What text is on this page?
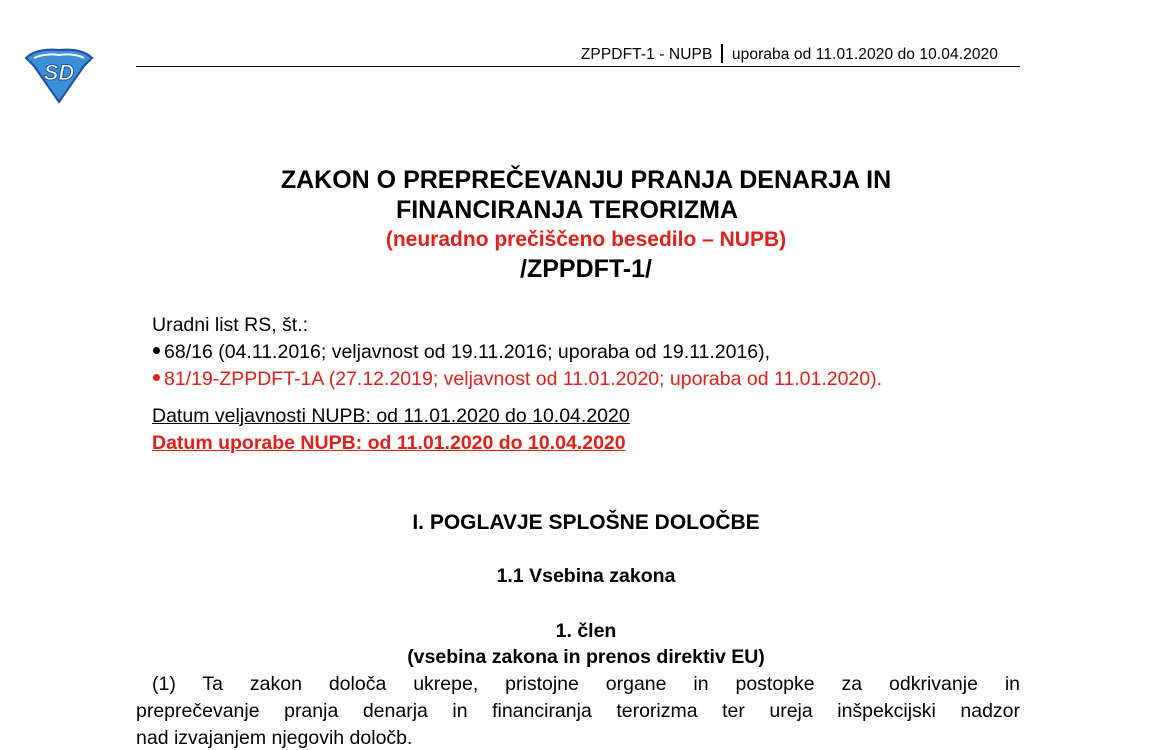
SD
ZPPDFT-1 - NUPB uporaba od 11.01.2020 do 10.04.2020
ZAKON O PREPREČEVANJU PRANJA DENARJA IN
FINANCIRANJA TERORIZMA
(neuradno prečiščeno besedilo – NUPB)
/ZPPDFT-1/
Uradni list RS, št.:
68/16 (04.11.2016; veljavnost od 19.11.2016; uporaba od 19.11.2016),
81/19-ZPPDFT-1A (27.12.2019; veljavnost od 11.01.2020; uporaba od 11.01.2020).
Datum veljavnosti NUPB: od 11.01.2020 do 10.04.2020
Datum uporabe NUPB: od 11.01.2020 do 10.04.2020
I. POGLAVJE SPLOŠNE DOLOČBE
1.1 Vsebina zakona
1. člen
(vsebina zakona in prenos direktiv EU)
(1) Ta zakon določa ukrepe, pristojne organe in postopke za odkrivanje in
preprečevanje pranja denarja in financiranja terorizma ter ureja inšpekcijski nadzor
nad izvajanjem njegovih določb.
